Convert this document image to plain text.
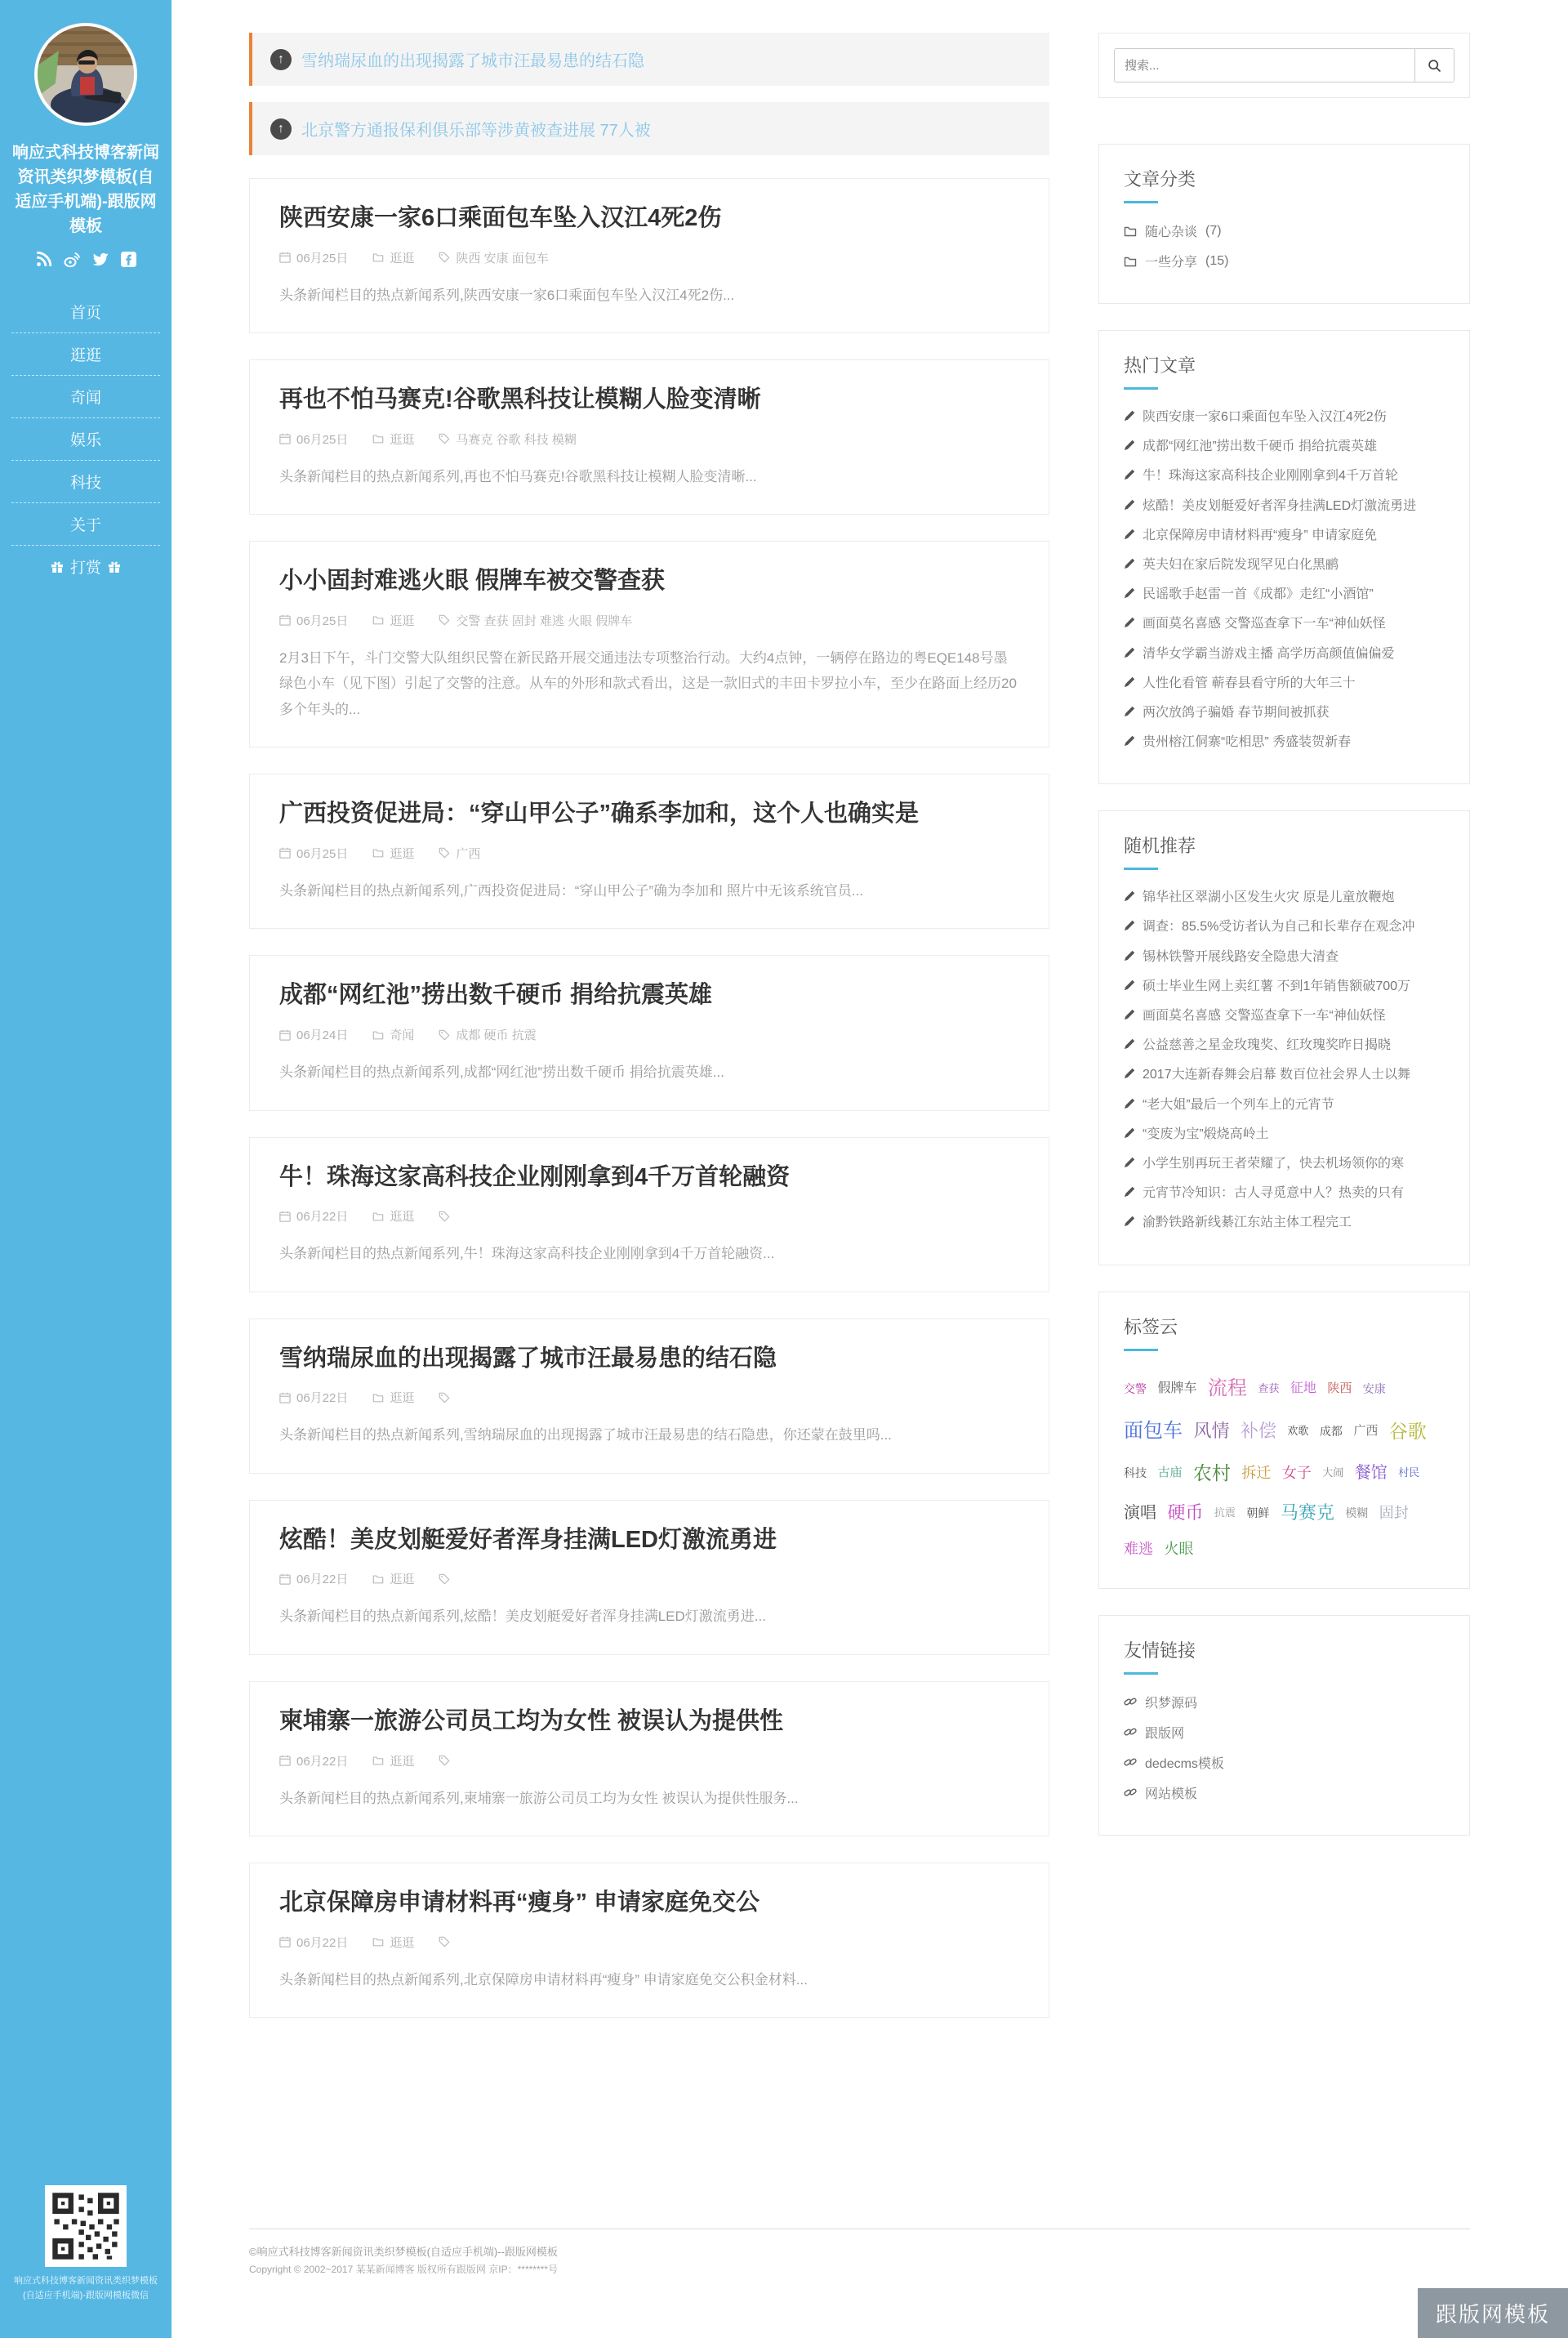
响应式科技博客新闻资讯类织梦模板(自适应手机端)-跟版网模板
首页
逛逛
奇闻
娱乐
科技
关于
打赏

响应式科技博客新闻资讯类织梦模板(自适应手机端)-跟版网模板微信

↑	雪纳瑞尿血的出现揭露了城市汪最易患的结石隐
↑	北京警方通报保利俱乐部等涉黄被查进展 77人被
陕西安康一家6口乘面包车坠入汉江4死2伤
06月25日	逛逛	陕西 安康 面包车

头条新闻栏目的热点新闻系列,陕西安康一家6口乘面包车坠入汉江4死2伤...

再也不怕马赛克!谷歌黑科技让模糊人脸变清晰
06月25日	逛逛	马赛克 谷歌 科技 模糊

头条新闻栏目的热点新闻系列,再也不怕马赛克!谷歌黑科技让模糊人脸变清晰...

小小固封难逃火眼 假牌车被交警查获
06月25日	逛逛	交警 查获 固封 难逃 火眼 假牌车

2月3日下午，斗门交警大队组织民警在新民路开展交通违法专项整治行动。大约4点钟，一辆停在路边的粤EQE148号墨绿色小车（见下图）引起了交警的注意。从车的外形和款式看出，这是一款旧式的丰田卡罗拉小车，至少在路面上经历20多个年头的...

广西投资促进局：“穿山甲公子”确系李加和，这个人也确实是
06月25日	逛逛	广西

头条新闻栏目的热点新闻系列,广西投资促进局：“穿山甲公子”确为李加和 照片中无该系统官员...

成都“网红池”捞出数千硬币 捐给抗震英雄
06月24日	奇闻	成都 硬币 抗震

头条新闻栏目的热点新闻系列,成都“网红池”捞出数千硬币 捐给抗震英雄...

牛！珠海这家高科技企业刚刚拿到4千万首轮融资
06月22日	逛逛

头条新闻栏目的热点新闻系列,牛！珠海这家高科技企业刚刚拿到4千万首轮融资...

雪纳瑞尿血的出现揭露了城市汪最易患的结石隐
06月22日	逛逛

头条新闻栏目的热点新闻系列,雪纳瑞尿血的出现揭露了城市汪最易患的结石隐患，你还蒙在鼓里吗...

炫酷！美皮划艇爱好者浑身挂满LED灯激流勇进
06月22日	逛逛

头条新闻栏目的热点新闻系列,炫酷！美皮划艇爱好者浑身挂满LED灯激流勇进...

柬埔寨一旅游公司员工均为女性 被误认为提供性
06月22日	逛逛

头条新闻栏目的热点新闻系列,柬埔寨一旅游公司员工均为女性 被误认为提供性服务...

北京保障房申请材料再“瘦身” 申请家庭免交公
06月22日	逛逛

头条新闻栏目的热点新闻系列,北京保障房申请材料再“瘦身” 申请家庭免交公积金材料...

搜索...
文章分类
随心杂谈 (7)
一些分享 (15)
热门文章
陕西安康一家6口乘面包车坠入汉江4死2伤
成都“网红池”捞出数千硬币 捐给抗震英雄
牛！珠海这家高科技企业刚刚拿到4千万首轮
炫酷！美皮划艇爱好者浑身挂满LED灯激流勇进
北京保障房申请材料再“瘦身” 申请家庭免
英夫妇在家后院发现罕见白化黑鹂
民谣歌手赵雷一首《成都》走红“小酒馆”
画面莫名喜感 交警巡查拿下一车“神仙妖怪
清华女学霸当游戏主播 高学历高颜值偏偏爱
人性化看管 蕲春县看守所的大年三十
两次放鸽子骗婚 春节期间被抓获
贵州榕江侗寨“吃相思” 秀盛装贺新春
随机推荐
锦华社区翠湖小区发生火灾 原是儿童放鞭炮
调查：85.5%受访者认为自己和长辈存在观念冲
锡林铁警开展线路安全隐患大清查
硕士毕业生网上卖红薯 不到1年销售额破700万
画面莫名喜感 交警巡查拿下一车“神仙妖怪
公益慈善之星金玫瑰奖、红玫瑰奖昨日揭晓
2017大连新春舞会启幕 数百位社会界人士以舞
“老大姐”最后一个列车上的元宵节
“变废为宝”煅烧高岭土
小学生别再玩王者荣耀了，快去机场领你的寒
元宵节冷知识：古人寻觅意中人？热卖的只有
渝黔铁路新线綦江东站主体工程完工
标签云
交警 假牌车 流程 查获 征地 陕西 安康 面包车 风情 补偿 欢歌 成都 广西 谷歌 科技 古庙 农村 拆迁 女子 大闹 餐馆 村民 演唱 硬币 抗震 朝鲜 马赛克 模糊 固封 难逃 火眼
友情链接
织梦源码
跟版网
dedecms模板
网站模板

©响应式科技博客新闻资讯类织梦模板(自适应手机端)--跟版网模板

Copyright © 2002~2017 某某新闻博客 版权所有跟版网 京IP：********号

跟版网模板
